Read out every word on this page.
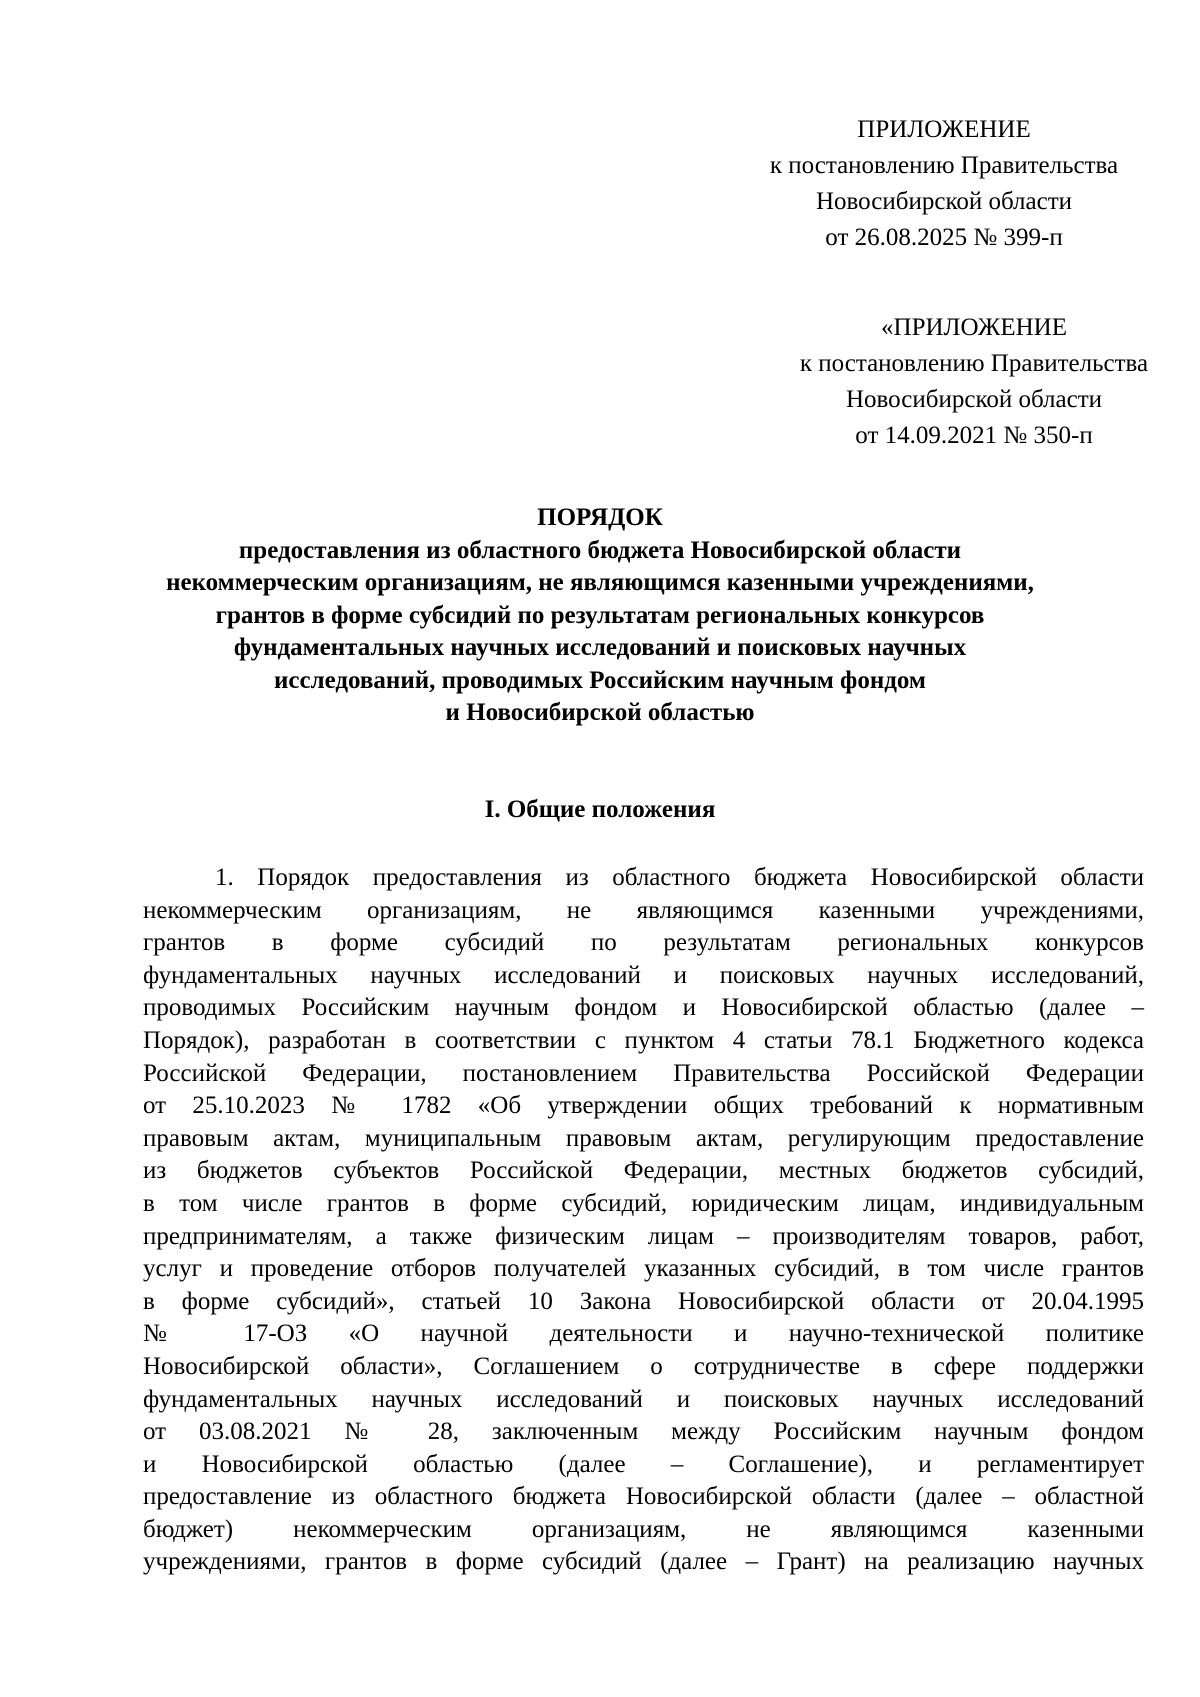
ПРИЛОЖЕНИЕ

к постановлению Правительства

Новосибирской области

от 26.08.2025 № 399-п

«ПРИЛОЖЕНИЕ

к постановлению Правительства

Новосибирской области

от 14.09.2021 № 350-п

ПОРЯДОК

предоставления из областного бюджета Новосибирской области

некоммерческим организациям, не являющимся казенными учреждениями,

грантов в форме субсидий по результатам региональных конкурсов

фундаментальных научных исследований и поисковых научных

исследований, проводимых Российским научным фондом

и Новосибирской областью

I. Общие положения
1. Порядок предоставления из областного бюджета Новосибирской области
некоммерческим организациям, не являющимся казенными учреждениями,
грантов в форме субсидий по результатам региональных конкурсов
фундаментальных научных исследований и поисковых научных исследований,
проводимых Российским научным фондом и Новосибирской областью (далее –
Порядок), разработан в соответствии с пунктом 4 статьи 78.1 Бюджетного кодекса
Российской Федерации, постановлением Правительства Российской Федерации
от 25.10.2023 № 1782 «Об утверждении общих требований к нормативным
правовым актам, муниципальным правовым актам, регулирующим предоставление
из бюджетов субъектов Российской Федерации, местных бюджетов субсидий,
в том числе грантов в форме субсидий, юридическим лицам, индивидуальным
предпринимателям, а также физическим лицам – производителям товаров, работ,
услуг и проведение отборов получателей указанных субсидий, в том числе грантов
в форме субсидий», статьей 10 Закона Новосибирской области от 20.04.1995
№ 17-ОЗ «О научной деятельности и научно-технической политике
Новосибирской области», Соглашением о сотрудничестве в сфере поддержки
фундаментальных научных исследований и поисковых научных исследований
от 03.08.2021 № 28, заключенным между Российским научным фондом
и Новосибирской областью (далее – Соглашение), и регламентирует
предоставление из областного бюджета Новосибирской области (далее – областной
бюджет) некоммерческим организациям, не являющимся казенными
учреждениями, грантов в форме субсидий (далее – Грант) на реализацию научных
